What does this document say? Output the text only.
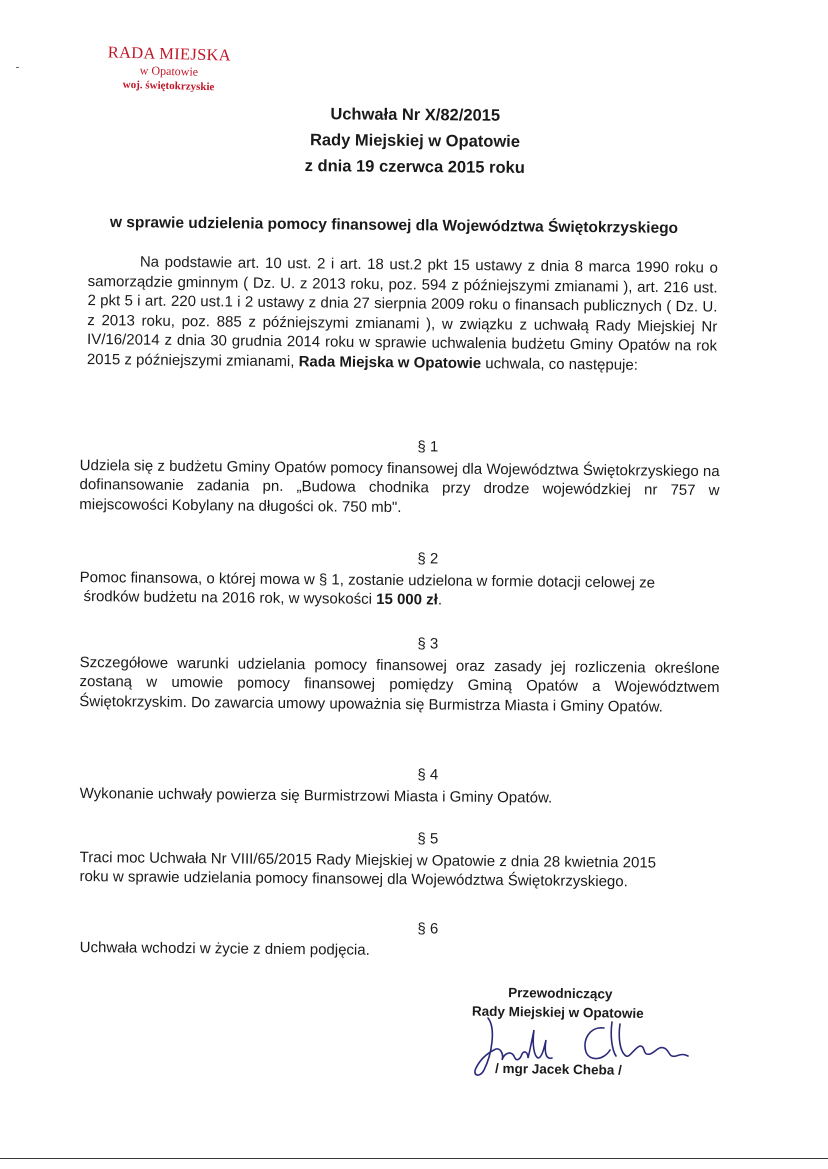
RADA MIEJSKA
w Opatowie
woj. świętokrzyskie
Uchwała Nr X/82/2015
Rady Miejskiej w Opatowie
z dnia 19 czerwca 2015 roku
w sprawie udzielenia pomocy finansowej dla Województwa Świętokrzyskiego

Na podstawie art. 10 ust. 2 i art. 18 ust.2 pkt 15 ustawy z dnia 8 marca 1990 roku o samorządzie gminnym ( Dz. U. z 2013 roku, poz. 594 z późniejszymi zmianami ), art. 216 ust. 2 pkt 5 i art. 220 ust.1 i 2 ustawy z dnia 27 sierpnia 2009 roku o finansach publicznych ( Dz. U. z 2013 roku, poz. 885 z późniejszymi zmianami ), w związku z uchwałą Rady Miejskiej Nr IV/16/2014 z dnia 30 grudnia 2014 roku w sprawie uchwalenia budżetu Gminy Opatów na rok 2015 z późniejszymi zmianami, Rada Miejska w Opatowie uchwala, co następuje:

§ 1
Udziela się z budżetu Gminy Opatów pomocy finansowej dla Województwa Świętokrzyskiego na dofinansowanie zadania pn. „Budowa chodnika przy drodze wojewódzkiej nr 757 w miejscowości Kobylany na długości ok. 750 mb".
§ 2
Pomoc finansowa, o której mowa w § 1, zostanie udzielona w formie dotacji celowej ze
środków budżetu na 2016 rok, w wysokości 15 000 zł.
§ 3
Szczegółowe warunki udzielania pomocy finansowej oraz zasady jej rozliczenia określone zostaną w umowie pomocy finansowej pomiędzy Gminą Opatów a Województwem Świętokrzyskim. Do zawarcia umowy upoważnia się Burmistrza Miasta i Gminy Opatów.
§ 4
Wykonanie uchwały powierza się Burmistrzowi Miasta i Gminy Opatów.
§ 5
Traci moc Uchwała Nr VIII/65/2015 Rady Miejskiej w Opatowie z dnia 28 kwietnia 2015
roku w sprawie udzielania pomocy finansowej dla Województwa Świętokrzyskiego.
§ 6
Uchwała wchodzi w życie z dniem podjęcia.
Przewodniczący
Rady Miejskiej w Opatowie
/ mgr Jacek Cheba /
